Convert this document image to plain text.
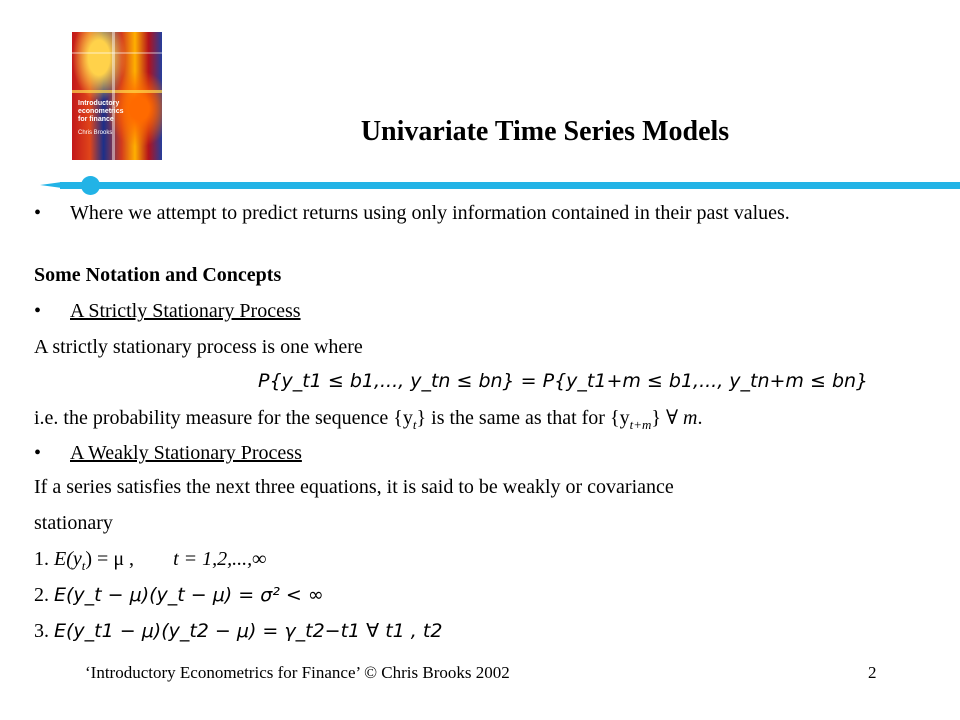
Introductory
econometrics
for finance
Chris Brooks	Univariate Time Series Models
• Where we attempt to predict returns using only information contained in their past values.
Some Notation and Concepts
• A Strictly Stationary Process
A strictly stationary process is one where
P{y_t1 ≤ b1,..., y_tn ≤ bn} = P{y_t1+m ≤ b1,..., y_tn+m ≤ bn}
i.e. the probability measure for the sequence $\{y_t\}$ is the same as that for $\{y_{t+m}\}$ ∀ m.
• A Weakly Stationary Process
If a series satisfies the next three equations, it is said to be weakly or covariance
stationary
1. $E(y_t) = \mu$ , t = 1,2,...,∞
2. E(y_t − μ)(y_t − μ) = σ² < ∞
3. E(y_t1 − μ)(y_t2 − μ) = γ_t2−t1 ∀ t1 , t2
‘Introductory Econometrics for Finance’ © Chris Brooks 2002	2
